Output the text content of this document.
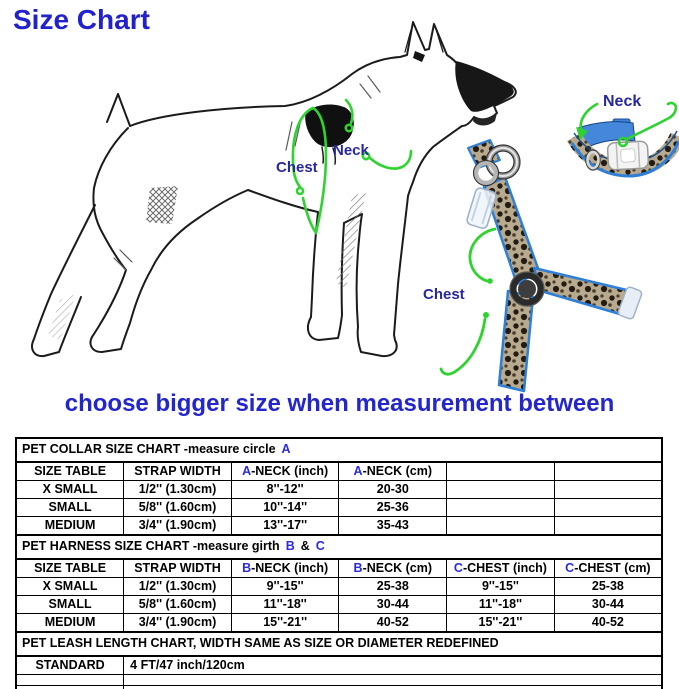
Size Chart
Chest
Neck
Neck
Chest
choose bigger size when measurement between
PET COLLAR SIZE CHART -measure circle A					
SIZE TABLE	STRAP WIDTH	A-NECK (inch)	A-NECK (cm)		
X SMALL	1/2'' (1.30cm)	8''-12''	20-30		
SMALL	5/8'' (1.60cm)	10''-14''	25-36		
MEDIUM	3/4'' (1.90cm)	13''-17''	35-43		
PET HARNESS SIZE CHART -measure girth B & C					
SIZE TABLE	STRAP WIDTH	B-NECK (inch)	B-NECK (cm)	C-CHEST (inch)	C-CHEST (cm)
X SMALL	1/2'' (1.30cm)	9''-15''	25-38	9''-15''	25-38
SMALL	5/8'' (1.60cm)	11''-18''	30-44	11''-18''	30-44
MEDIUM	3/4'' (1.90cm)	15''-21''	40-52	15''-21''	40-52
PET LEASH LENGTH CHART, WIDTH SAME AS SIZE OR DIAMETER REDEFINED					
STANDARD	4 FT/47 inch/120cm				
